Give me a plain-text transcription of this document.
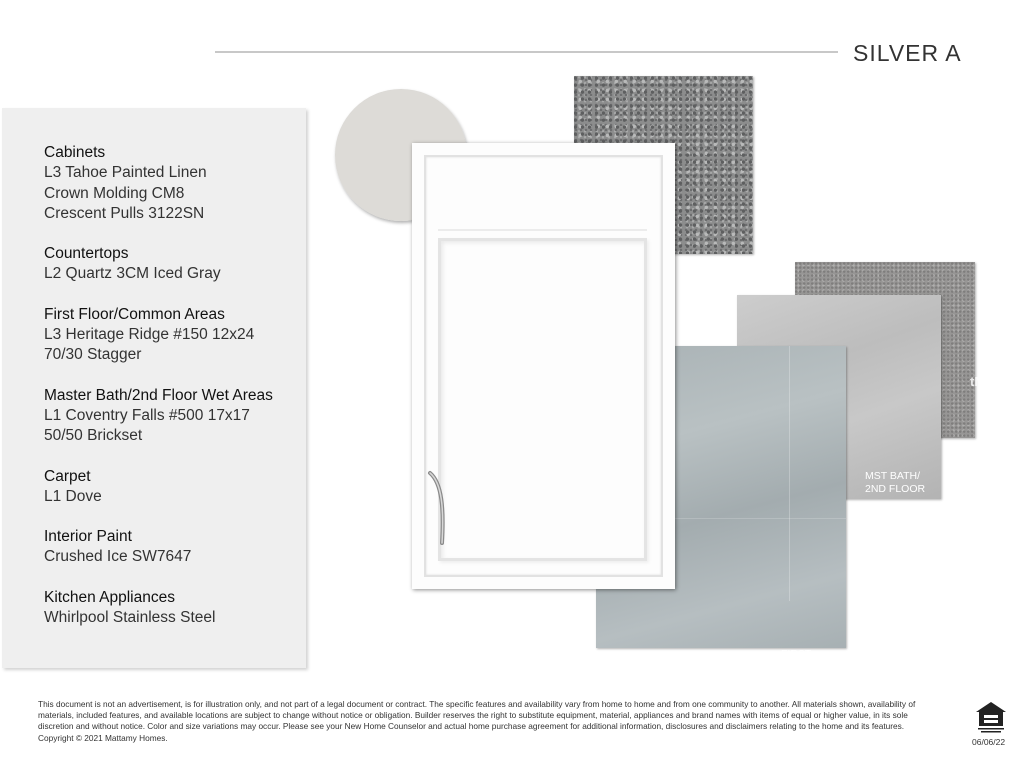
SILVER A
Cabinets
L3 Tahoe Painted Linen
Crown Molding CM8
Crescent Pulls 3122SN
Countertops
L2 Quartz 3CM Iced Gray
First Floor/Common Areas
L3 Heritage Ridge #150 12x24
70/30 Stagger
Master Bath/2nd Floor Wet Areas
L1 Coventry Falls #500 17x17
50/50 Brickset
Carpet
L1 Dove
Interior Paint
Crushed Ice SW7647
Kitchen Appliances
Whirlpool Stainless Steel
MST BATH/
2ND FLOOR
FIRST FLOOR/
COMMON
tMLS
This document is not an advertisement, is for illustration only, and not part of a legal document or contract. The specific features and availability vary from home to home and from one community to another. All materials shown, availability of materials, included features, and available locations are subject to change without notice or obligation. Builder reserves the right to substitute equipment, material, appliances and brand names with items of equal or higher value, in its sole discretion and without notice. Color and size variations may occur. Please see your New Home Counselor and actual home purchase agreement for additional information, disclosures and disclaimers relating to the home and its features. Copyright © 2021 Mattamy Homes.	06/06/22
